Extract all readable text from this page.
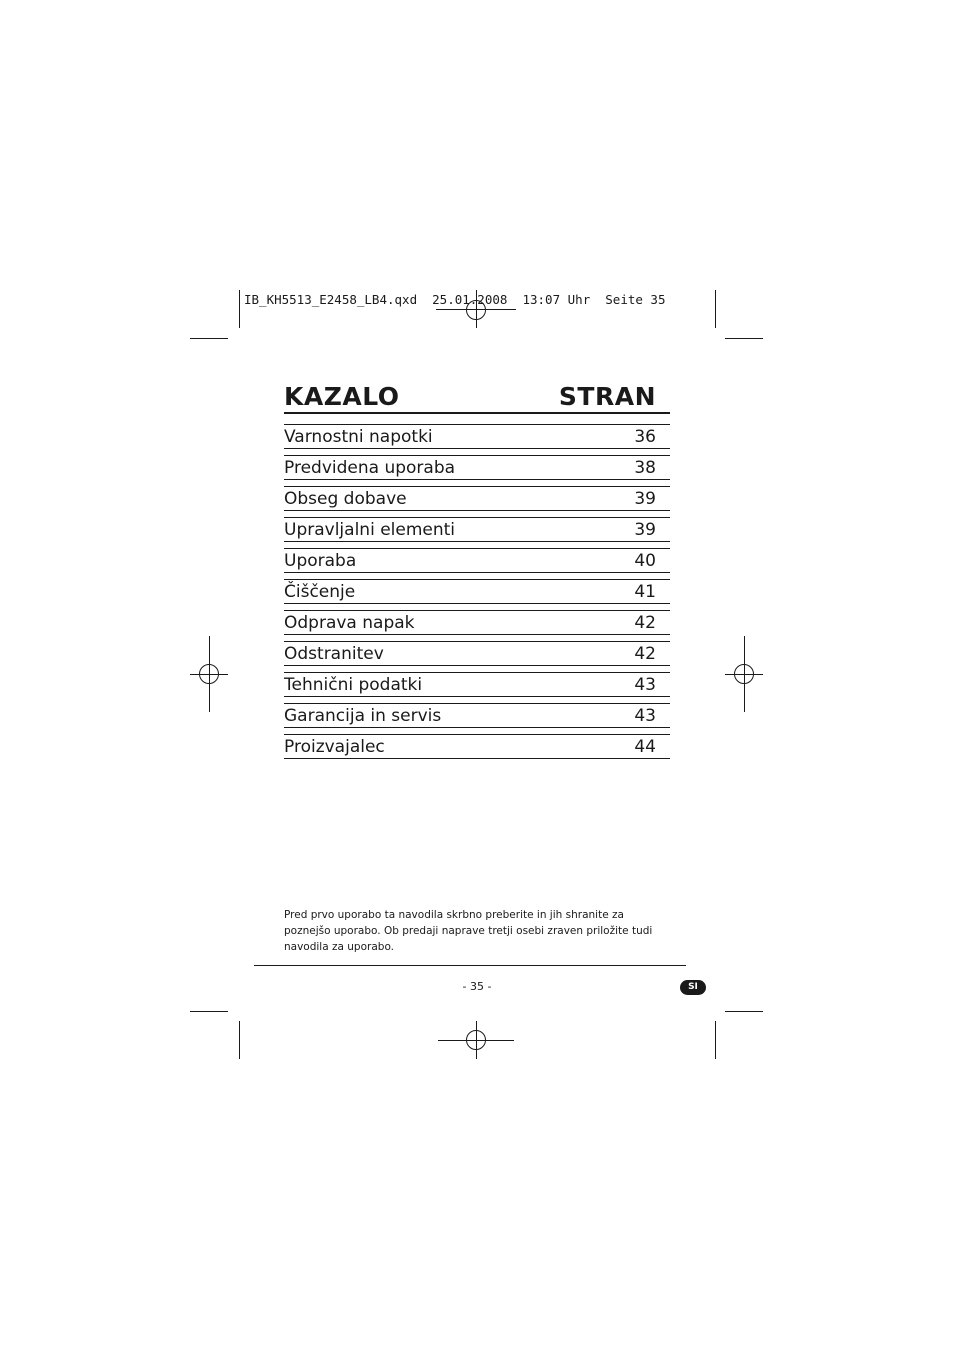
IB_KH5513_E2458_LB4.qxd 25.01.2008 13:07 Uhr Seite 35
KAZALO	STRAN
Varnostni napotki	36
Predvidena uporaba	38
Obseg dobave	39
Upravljalni elementi	39
Uporaba	40
Čiščenje	41
Odprava napak	42
Odstranitev	42
Tehnični podatki	43
Garancija in servis	43
Proizvajalec	44
Pred prvo uporabo ta navodila skrbno preberite in jih shranite za poznejšo uporabo. Ob predaji naprave tretji osebi zraven priložite tudi navodila za uporabo.
- 35 -	SI
